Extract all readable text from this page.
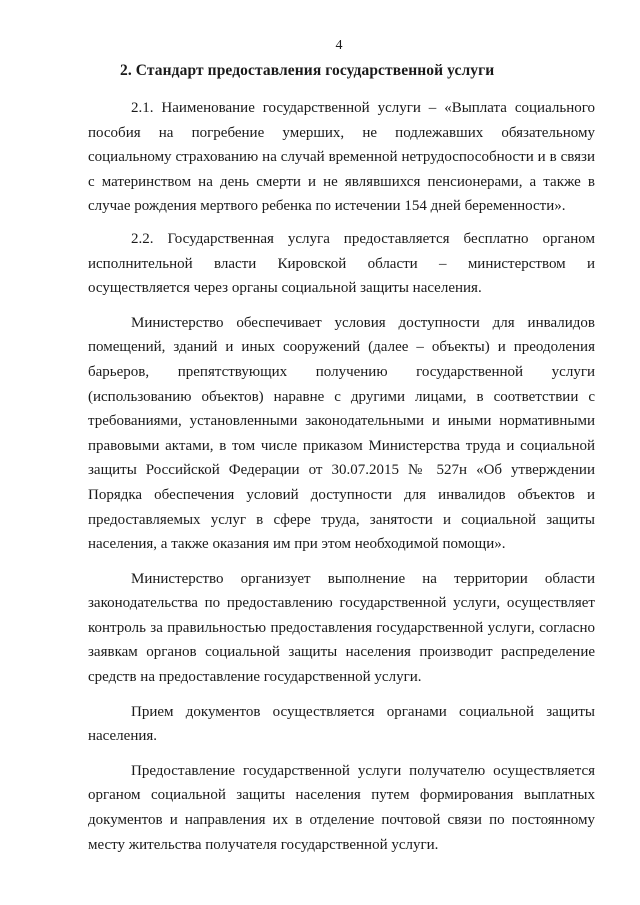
4
2. Стандарт предоставления государственной услуги

2.1. Наименование государственной услуги – «Выплата социального пособия на погребение умерших, не подлежавших обязательному социальному страхованию на случай временной нетрудоспособности и в связи с материнством на день смерти и не являвшихся пенсионерами, а также в случае рождения мертвого ребенка по истечении 154 дней беременности».

2.2. Государственная услуга предоставляется бесплатно органом исполнительной власти Кировской области – министерством и осуществляется через органы социальной защиты населения.

Министерство обеспечивает условия доступности для инвалидов помещений, зданий и иных сооружений (далее – объекты) и преодоления барьеров, препятствующих получению государственной услуги (использованию объектов) наравне с другими лицами, в соответствии с требованиями, установленными законодательными и иными нормативными правовыми актами, в том числе приказом Министерства труда и социальной защиты Российской Федерации от 30.07.2015 № 527н «Об утверждении Порядка обеспечения условий доступности для инвалидов объектов и предоставляемых услуг в сфере труда, занятости и социальной защиты населения, а также оказания им при этом необходимой помощи».

Министерство организует выполнение на территории области законодательства по предоставлению государственной услуги, осуществляет контроль за правильностью предоставления государственной услуги, согласно заявкам органов социальной защиты населения производит распределение средств на предоставление государственной услуги.

Прием документов осуществляется органами социальной защиты населения.

Предоставление государственной услуги получателю осуществляется органом социальной защиты населения путем формирования выплатных документов и направления их в отделение почтовой связи по постоянному месту жительства получателя государственной услуги.
